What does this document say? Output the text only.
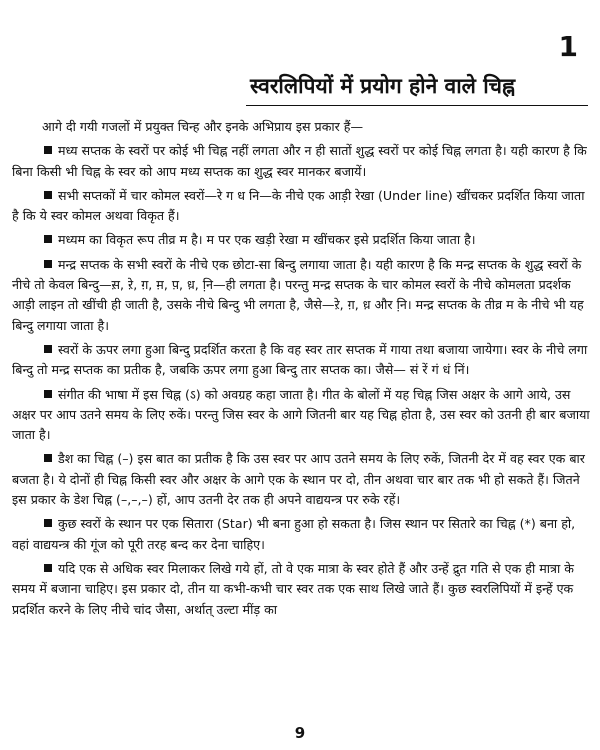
1
स्वरलिपियों में प्रयोग होने वाले चिह्न

आगे दी गयी गजलों में प्रयुक्त चिन्ह और इनके अभिप्राय इस प्रकार हैं—

मध्य सप्तक के स्वरों पर कोई भी चिह्न नहीं लगता और न ही सातों शुद्ध स्वरों पर कोई चिह्न लगता है। यही कारण है कि बिना किसी भी चिह्न के स्वर को आप मध्य सप्तक का शुद्ध स्वर मानकर बजायें।

सभी सप्तकों में चार कोमल स्वरों—रे ग ध नि—के नीचे एक आड़ी रेखा (Under line) खींचकर प्रदर्शित किया जाता है कि ये स्वर कोमल अथवा विकृत हैं।

मध्यम का विकृत रूप तीव्र म है। म पर एक खड़ी रेखा म खींचकर इसे प्रदर्शित किया जाता है।

मन्द्र सप्तक के सभी स्वरों के नीचे एक छोटा-सा बिन्दु लगाया जाता है। यही कारण है कि मन्द्र सप्तक के शुद्ध स्वरों के नीचे तो केवल बिन्दु—स़, रे़, ग़, म़, प़, ध़, नि़—ही लगता है। परन्तु मन्द्र सप्तक के चार कोमल स्वरों के नीचे कोमलता प्रदर्शक आड़ी लाइन तो खींची ही जाती है, उसके नीचे बिन्दु भी लगता है, जैसे—रे़, ग़, ध़ और नि़। मन्द्र सप्तक के तीव्र म के नीचे भी यह बिन्दु लगाया जाता है।

स्वरों के ऊपर लगा हुआ बिन्दु प्रदर्शित करता है कि वह स्वर तार सप्तक में गाया तथा बजाया जायेगा। स्वर के नीचे लगा बिन्दु तो मन्द्र सप्तक का प्रतीक है, जबकि ऊपर लगा हुआ बिन्दु तार सप्तक का। जैसे— सं रें गं धं निं।

संगीत की भाषा में इस चिह्न (ऽ) को अवग्रह कहा जाता है। गीत के बोलों में यह चिह्न जिस अक्षर के आगे आये, उस अक्षर पर आप उतने समय के लिए रुकें। परन्तु जिस स्वर के आगे जितनी बार यह चिह्न होता है, उस स्वर को उतनी ही बार बजाया जाता है।

डैश का चिह्न (–) इस बात का प्रतीक है कि उस स्वर पर आप उतने समय के लिए रुकें, जितनी देर में वह स्वर एक बार बजता है। ये दोनों ही चिह्न किसी स्वर और अक्षर के आगे एक के स्थान पर दो, तीन अथवा चार बार तक भी हो सकते हैं। जितने इस प्रकार के डेश चिह्न (–,–,–) हों, आप उतनी देर तक ही अपने वाद्ययन्त्र पर रुके रहें।

कुछ स्वरों के स्थान पर एक सितारा (Star) भी बना हुआ हो सकता है। जिस स्थान पर सितारे का चिह्न (*) बना हो, वहां वाद्ययन्त्र की गूंज को पूरी तरह बन्द कर देना चाहिए।

यदि एक से अधिक स्वर मिलाकर लिखे गये हों, तो वे एक मात्रा के स्वर होते हैं और उन्हें द्रुत गति से एक ही मात्रा के समय में बजाना चाहिए। इस प्रकार दो, तीन या कभी-कभी चार स्वर तक एक साथ लिखे जाते हैं। कुछ स्वरलिपियों में इन्हें एक प्रदर्शित करने के लिए नीचे चांद जैसा, अर्थात् उल्टा मींड़ का

9
